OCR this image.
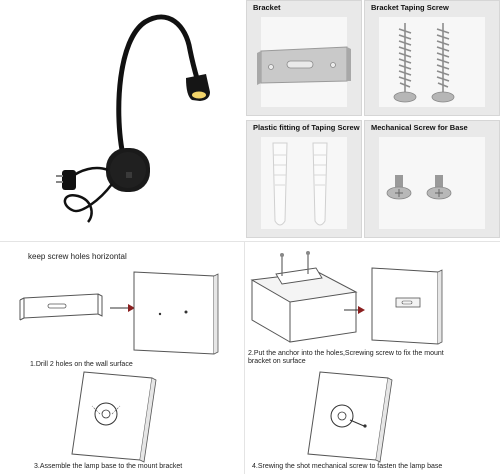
Bracket	Bracket Taping Screw
Plastic fitting of Taping Screw Mechanical Screw for Base
keep screw holes horizontal
1.Drill 2 holes on the wall surface
2.Put the anchor into the holes,Screwing screw to fix the mount bracket on surface
3.Assemble the lamp base to the mount bracket	4.Srewing the shot mechanical screw to fasten the lamp base
